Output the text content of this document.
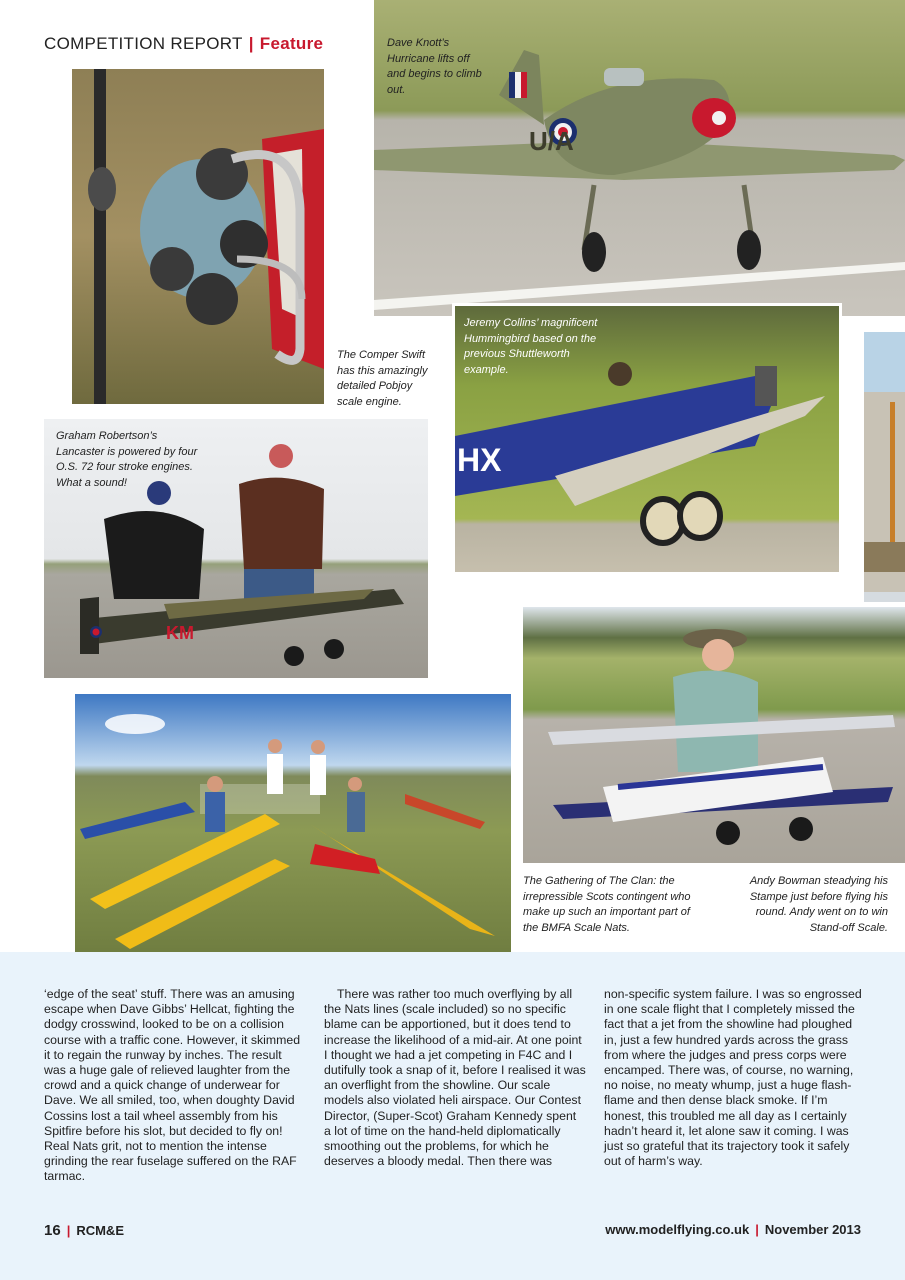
COMPETITION REPORT | Feature
The Comper Swift has this amazingly detailed Pobjoy scale engine.
U/A
Dave Knott’s Hurricane lifts off and begins to climb out.
HX
Jeremy Collins’ magnificent Hummingbird based on the previous Shuttleworth example.
KM
Graham Robertson’s Lancaster is powered by four O.S. 72 four stroke engines. What a sound!
The Gathering of The Clan: the irrepressible Scots contingent who make up such an important part of the BMFA Scale Nats.
Andy Bowman steadying his Stampe just before flying his round. Andy went on to win Stand-off Scale.

‘edge of the seat’ stuff. There was an amusing escape when Dave Gibbs’ Hellcat, fighting the dodgy crosswind, looked to be on a collision course with a traffic cone. However, it skimmed it to regain the runway by inches. The result was a huge gale of relieved laughter from the crowd and a quick change of underwear for Dave. We all smiled, too, when doughty David Cossins lost a tail wheel assembly from his Spitfire before his slot, but decided to fly on! Real Nats grit, not to mention the intense grinding the rear fuselage suffered on the RAF tarmac.

There was rather too much overflying by all the Nats lines (scale included) so no specific blame can be apportioned, but it does tend to increase the likelihood of a mid-air. At one point I thought we had a jet competing in F4C and I dutifully took a snap of it, before I realised it was an overflight from the showline. Our scale models also violated heli airspace. Our Contest Director, (Super-Scot) Graham Kennedy spent a lot of time on the hand-held diplomatically smoothing out the problems, for which he deserves a bloody medal. Then there was

non-specific system failure. I was so engrossed in one scale flight that I completely missed the fact that a jet from the showline had ploughed in, just a few hundred yards across the grass from where the judges and press corps were encamped. There was, of course, no warning, no noise, no meaty whump, just a huge flash-flame and then dense black smoke. If I’m honest, this troubled me all day as I certainly hadn’t heard it, let alone saw it coming. I was just so grateful that its trajectory took it safely out of harm’s way.

16 | RCM&E	www.modelflying.co.uk | November 2013
